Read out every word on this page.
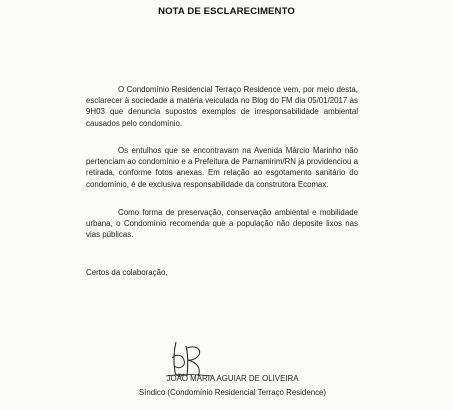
NOTA DE ESCLARECIMENTO
O Condomínio Residencial Terraço Residence vem, por meio desta, esclarecer à sociedade a matéria veiculada no Blog do FM dia 05/01/2017 às 9H03 que denuncia supostos exemplos de irresponsabilidade ambiental causados pelo condomínio.
Os entulhos que se encontravam na Avenida Márcio Marinho não pertenciam ao condomínio e a Prefeitura de Parnamirim/RN já providenciou a retirada, conforme fotos anexas. Em relação ao esgotamento sanitário do condomínio, é de exclusiva responsabilidade da construtora Ecomax.
Como forma de preservação, conservação ambiental e mobilidade urbana, o Condomínio recomenda que a população não deposite lixos nas vias públicas.
Certos da colaboração,
JOÃO MARIA AGUIAR DE OLIVEIRA
Síndico (Condomínio Residencial Terraço Residence)
